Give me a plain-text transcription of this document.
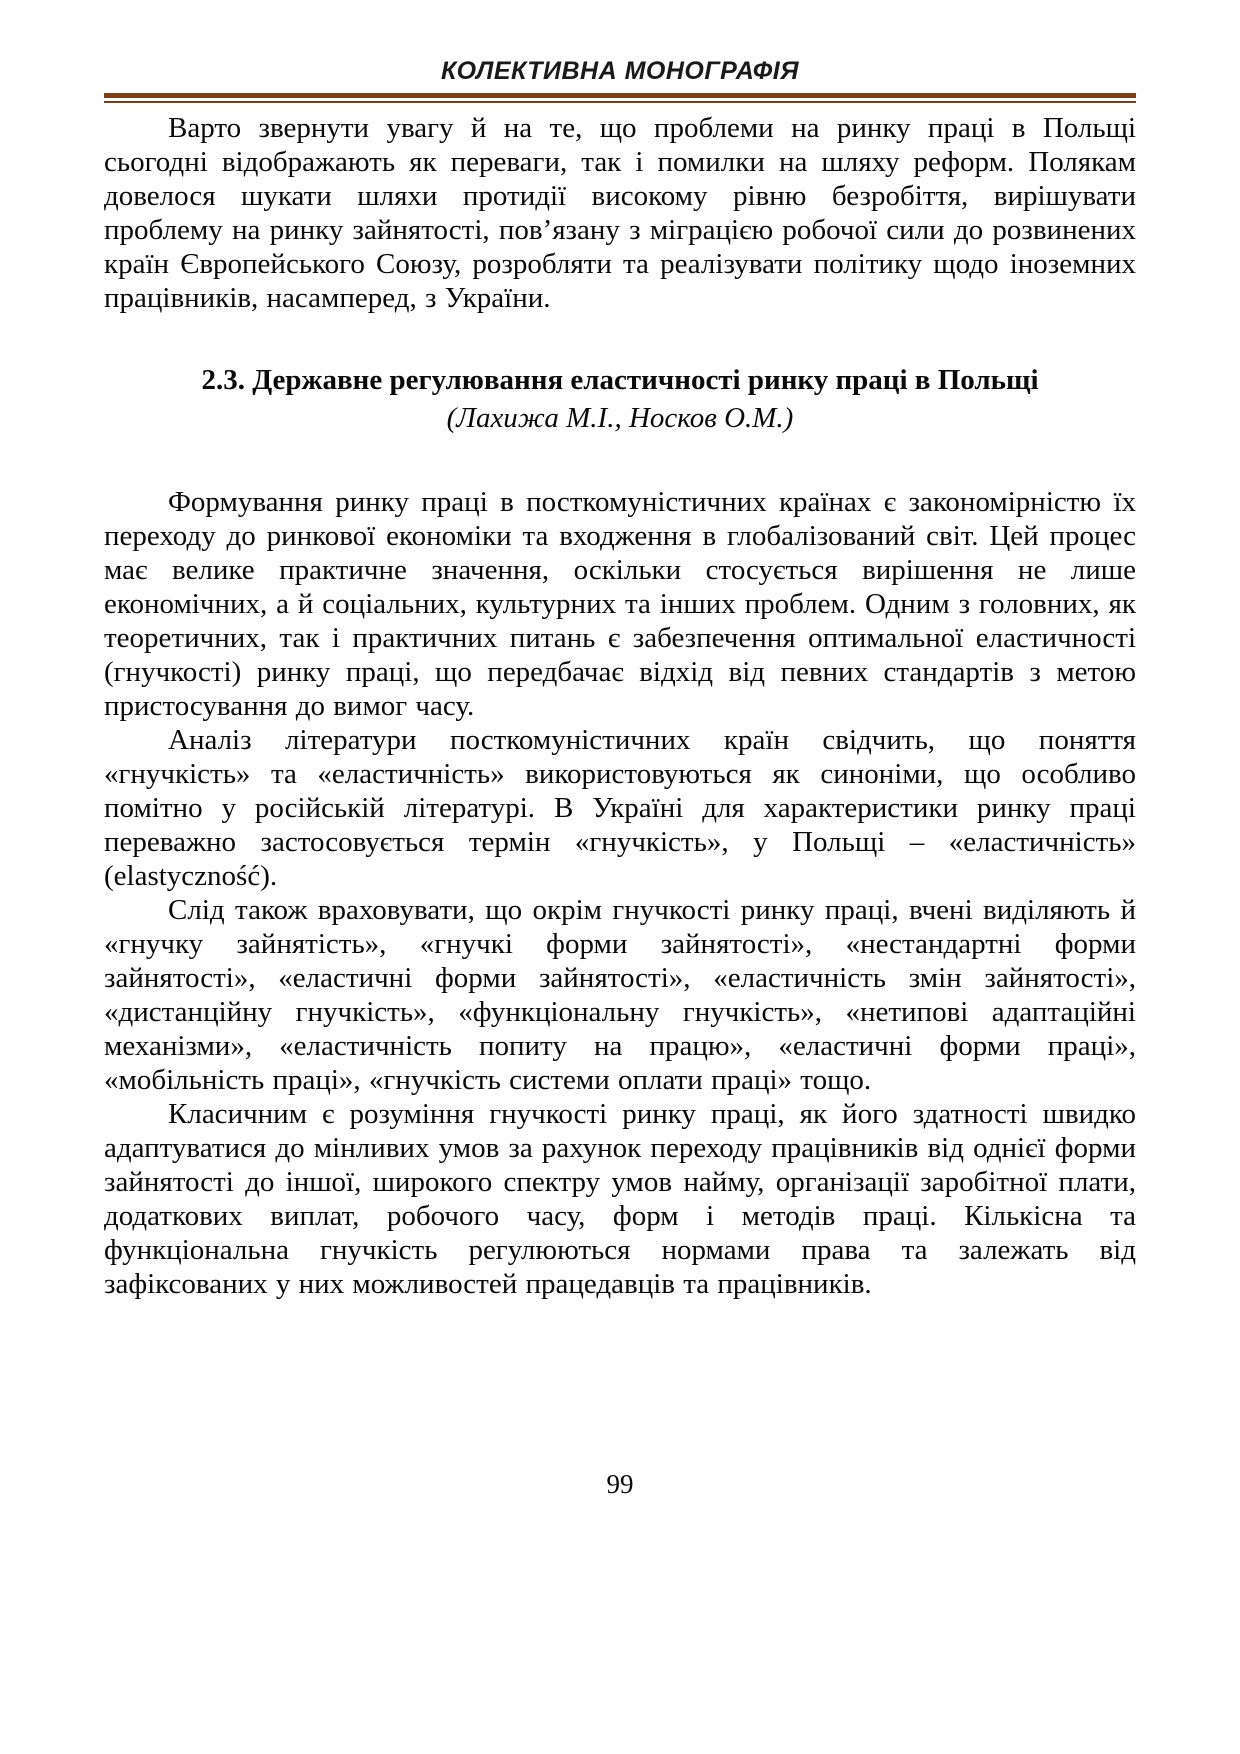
КОЛЕКТИВНА МОНОГРАФІЯ

Варто звернути увагу й на те, що проблеми на ринку праці в Польщі сьогодні відображають як переваги, так і помилки на шляху реформ. Полякам довелося шукати шляхи протидії високому рівню безробіття, вирішувати проблему на ринку зайнятості, пов’язану з міграцією робочої сили до розвинених країн Європейського Союзу, розробляти та реалізувати політику щодо іноземних працівників, насамперед, з України.

2.3. Державне регулювання еластичності ринку праці в Польщі
(Лахижа М.І., Носков О.М.)

Формування ринку праці в посткомуністичних країнах є закономірністю їх переходу до ринкової економіки та входження в глобалізований світ. Цей процес має велике практичне значення, оскільки стосується вирішення не лише економічних, а й соціальних, культурних та інших проблем. Одним з головних, як теоретичних, так і практичних питань є забезпечення оптимальної еластичності (гнучкості) ринку праці, що передбачає відхід від певних стандартів з метою пристосування до вимог часу.

Аналіз літератури посткомуністичних країн свідчить, що поняття «гнучкість» та «еластичність» використовуються як синоніми, що особливо помітно у російській літературі. В Україні для характеристики ринку праці переважно застосовується термін «гнучкість», у Польщі – «еластичність» (elastyczność).

Слід також враховувати, що окрім гнучкості ринку праці, вчені виділяють й «гнучку зайнятість», «гнучкі форми зайнятості», «нестандартні форми зайнятості», «еластичні форми зайнятості», «еластичність змін зайнятості», «дистанційну гнучкість», «функціональну гнучкість», «нетипові адаптаційні механізми», «еластичність попиту на працю», «еластичні форми праці», «мобільність праці», «гнучкість системи оплати праці» тощо.

Класичним є розуміння гнучкості ринку праці, як його здатності швидко адаптуватися до мінливих умов за рахунок переходу працівників від однієї форми зайнятості до іншої, широкого спектру умов найму, організації заробітної плати, додаткових виплат, робочого часу, форм і методів праці. Кількісна та функціональна гнучкість регулюються нормами права та залежать від зафіксованих у них можливостей працедавців та працівників.

99
